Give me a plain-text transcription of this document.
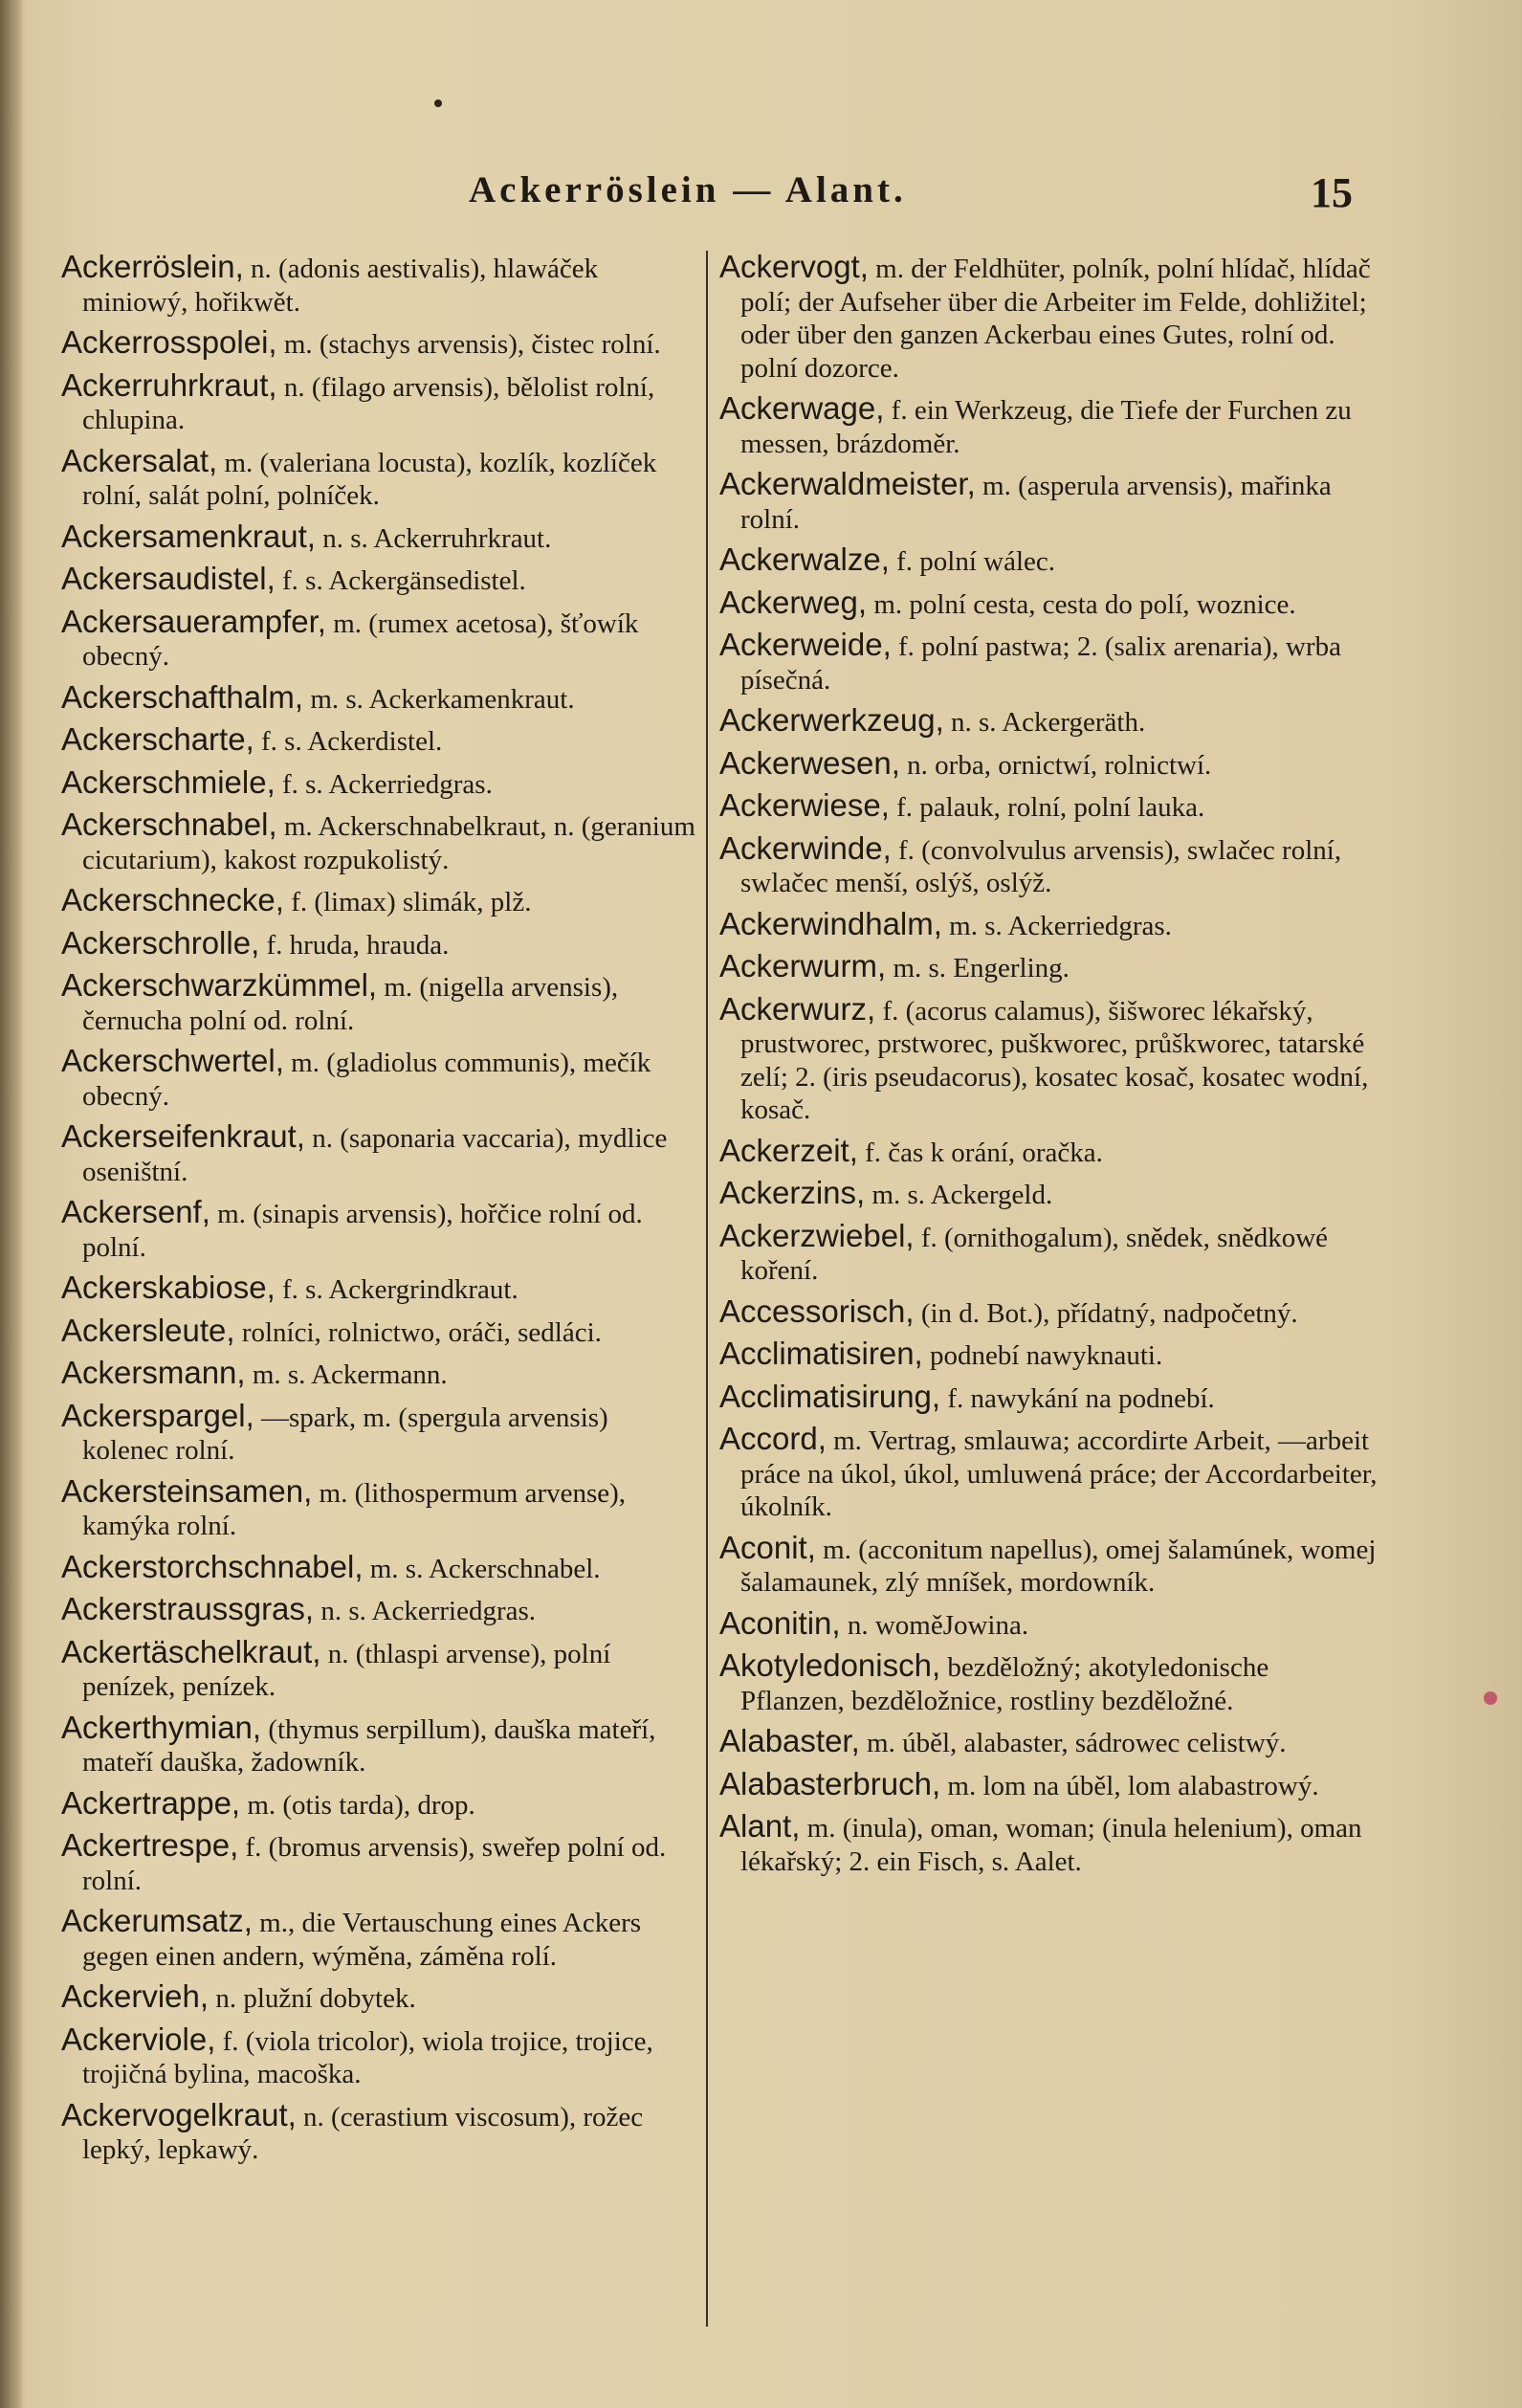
Ackerröslein — Alant.	15
Ackerröslein, n. (adonis aestivalis), hlawáček miniowý, hořikwět.
Ackerrosspolei, m. (stachys arvensis), čistec rolní.
Ackerruhrkraut, n. (filago arvensis), bělolist rolní, chlupina.
Ackersalat, m. (valeriana locusta), kozlík, kozlíček rolní, salát polní, polníček.
Ackersamenkraut, n. s. Ackerruhrkraut.
Ackersaudistel, f. s. Ackergänsedistel.
Ackersauerampfer, m. (rumex acetosa), šťowík obecný.
Ackerschafthalm, m. s. Ackerkamenkraut.
Ackerscharte, f. s. Ackerdistel.
Ackerschmiele, f. s. Ackerriedgras.
Ackerschnabel, m. Ackerschnabelkraut, n. (geranium cicutarium), kakost rozpukolistý.
Ackerschnecke, f. (limax) slimák, plž.
Ackerschrolle, f. hruda, hrauda.
Ackerschwarzkümmel, m. (nigella arvensis), černucha polní od. rolní.
Ackerschwertel, m. (gladiolus communis), mečík obecný.
Ackerseifenkraut, n. (saponaria vaccaria), mydlice oseništní.
Ackersenf, m. (sinapis arvensis), hořčice rolní od. polní.
Ackerskabiose, f. s. Ackergrindkraut.
Ackersleute, rolníci, rolnictwo, oráči, sedláci.
Ackersmann, m. s. Ackermann.
Ackerspargel, —spark, m. (spergula arvensis) kolenec rolní.
Ackersteinsamen, m. (lithospermum arvense), kamýka rolní.
Ackerstorchschnabel, m. s. Ackerschnabel.
Ackerstraussgras, n. s. Ackerriedgras.
Ackertäschelkraut, n. (thlaspi arvense), polní penízek, penízek.
Ackerthymian, (thymus serpillum), dauška mateří, mateří dauška, žadowník.
Ackertrappe, m. (otis tarda), drop.
Ackertrespe, f. (bromus arvensis), sweřep polní od. rolní.
Ackerumsatz, m., die Vertauschung eines Ackers gegen einen andern, wýměna, záměna rolí.
Ackervieh, n. plužní dobytek.
Ackerviole, f. (viola tricolor), wiola trojice, trojice, trojičná bylina, macoška.
Ackervogelkraut, n. (cerastium viscosum), rožec lepký, lepkawý.
Ackervogt, m. der Feldhüter, polník, polní hlídač, hlídač polí; der Aufseher über die Arbeiter im Felde, dohližitel; oder über den ganzen Ackerbau eines Gutes, rolní od. polní dozorce.
Ackerwage, f. ein Werkzeug, die Tiefe der Furchen zu messen, brázdoměr.
Ackerwaldmeister, m. (asperula arvensis), mařinka rolní.
Ackerwalze, f. polní wálec.
Ackerweg, m. polní cesta, cesta do polí, woznice.
Ackerweide, f. polní pastwa; 2. (salix arenaria), wrba písečná.
Ackerwerkzeug, n. s. Ackergeräth.
Ackerwesen, n. orba, ornictwí, rolnictwí.
Ackerwiese, f. palauk, rolní, polní lauka.
Ackerwinde, f. (convolvulus arvensis), swlačec rolní, swlačec menší, oslýš, oslýž.
Ackerwindhalm, m. s. Ackerriedgras.
Ackerwurm, m. s. Engerling.
Ackerwurz, f. (acorus calamus), šišworec lékařský, prustworec, prstworec, puškworec, průškworec, tatarské zelí; 2. (iris pseudacorus), kosatec kosač, kosatec wodní, kosač.
Ackerzeit, f. čas k orání, oračka.
Ackerzins, m. s. Ackergeld.
Ackerzwiebel, f. (ornithogalum), snědek, snědkowé koření.
Accessorisch, (in d. Bot.), přídatný, nadpočetný.
Acclimatisiren, podnebí nawyknauti.
Acclimatisirung, f. nawykání na podnebí.
Accord, m. Vertrag, smlauwa; accordirte Arbeit, —arbeit práce na úkol, úkol, umluwená práce; der Accordarbeiter, úkolník.
Aconit, m. (acconitum napellus), omej šalamúnek, womej šalamaunek, zlý mníšek, mordowník.
Aconitin, n. woměJowina.
Akotyledonisch, bezděložný; akotyledonische Pflanzen, bezděložnice, rostliny bezděložné.
Alabaster, m. úběl, alabaster, sádrowec celistwý.
Alabasterbruch, m. lom na úběl, lom alabastrowý.
Alant, m. (inula), oman, woman; (inula helenium), oman lékařský; 2. ein Fisch, s. Aalet.
